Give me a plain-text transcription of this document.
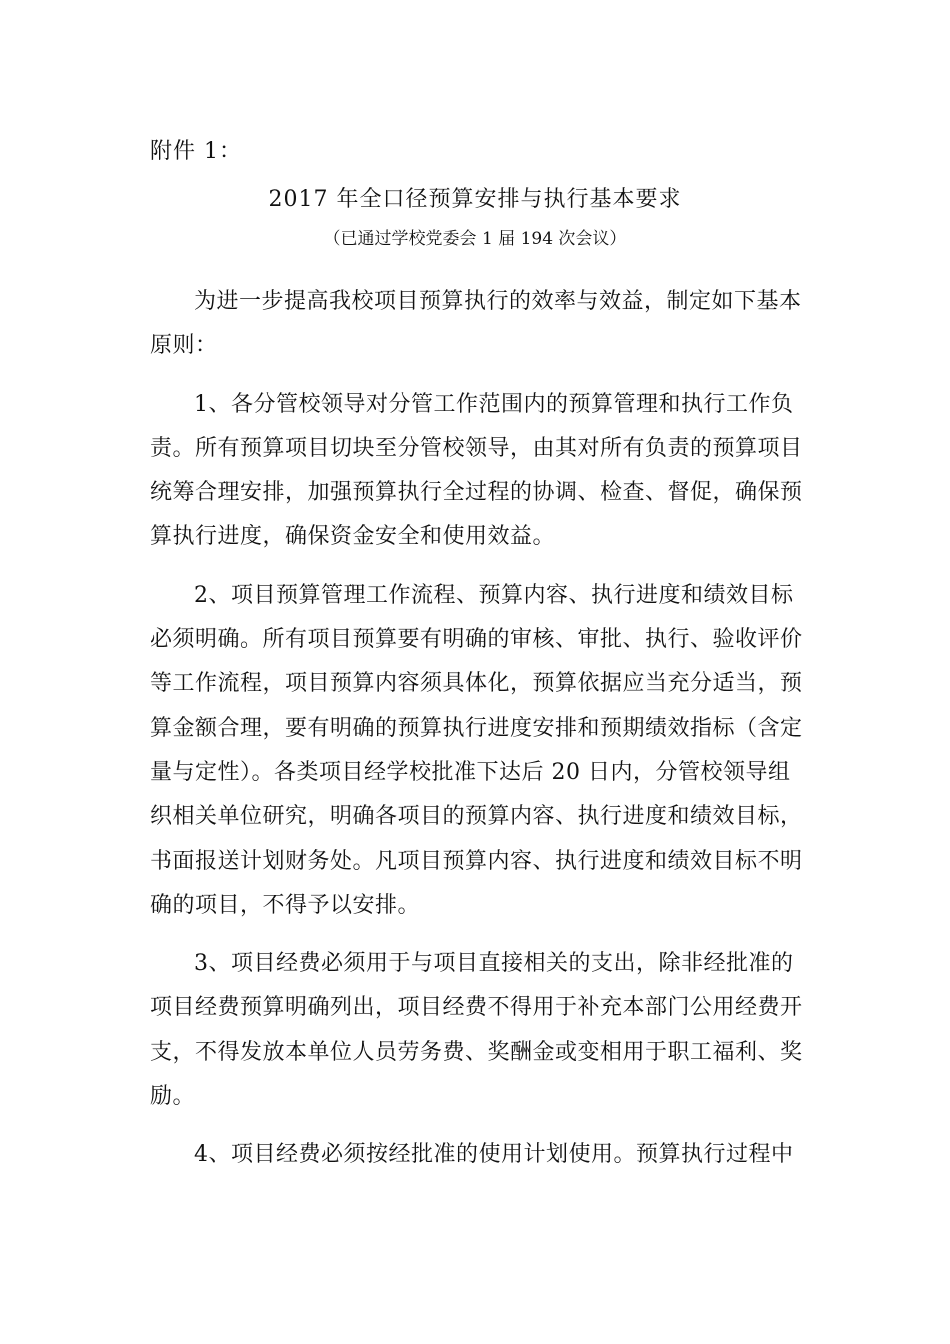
附件 1：
2017 年全口径预算安排与执行基本要求
（已通过学校党委会 1 届 194 次会议）

为进一步提高我校项目预算执行的效率与效益，制定如下基本
原则：

1、各分管校领导对分管工作范围内的预算管理和执行工作负
责。所有预算项目切块至分管校领导，由其对所有负责的预算项目
统筹合理安排，加强预算执行全过程的协调、检查、督促，确保预
算执行进度，确保资金安全和使用效益。

2、项目预算管理工作流程、预算内容、执行进度和绩效目标
必须明确。所有项目预算要有明确的审核、审批、执行、验收评价
等工作流程，项目预算内容须具体化，预算依据应当充分适当，预
算金额合理，要有明确的预算执行进度安排和预期绩效指标（含定
量与定性）。各类项目经学校批准下达后 20 日内，分管校领导组
织相关单位研究，明确各项目的预算内容、执行进度和绩效目标，
书面报送计划财务处。凡项目预算内容、执行进度和绩效目标不明
确的项目，不得予以安排。

3、项目经费必须用于与项目直接相关的支出，除非经批准的
项目经费预算明确列出，项目经费不得用于补充本部门公用经费开
支，不得发放本单位人员劳务费、奖酬金或变相用于职工福利、奖
励。

4、项目经费必须按经批准的使用计划使用。预算执行过程中
